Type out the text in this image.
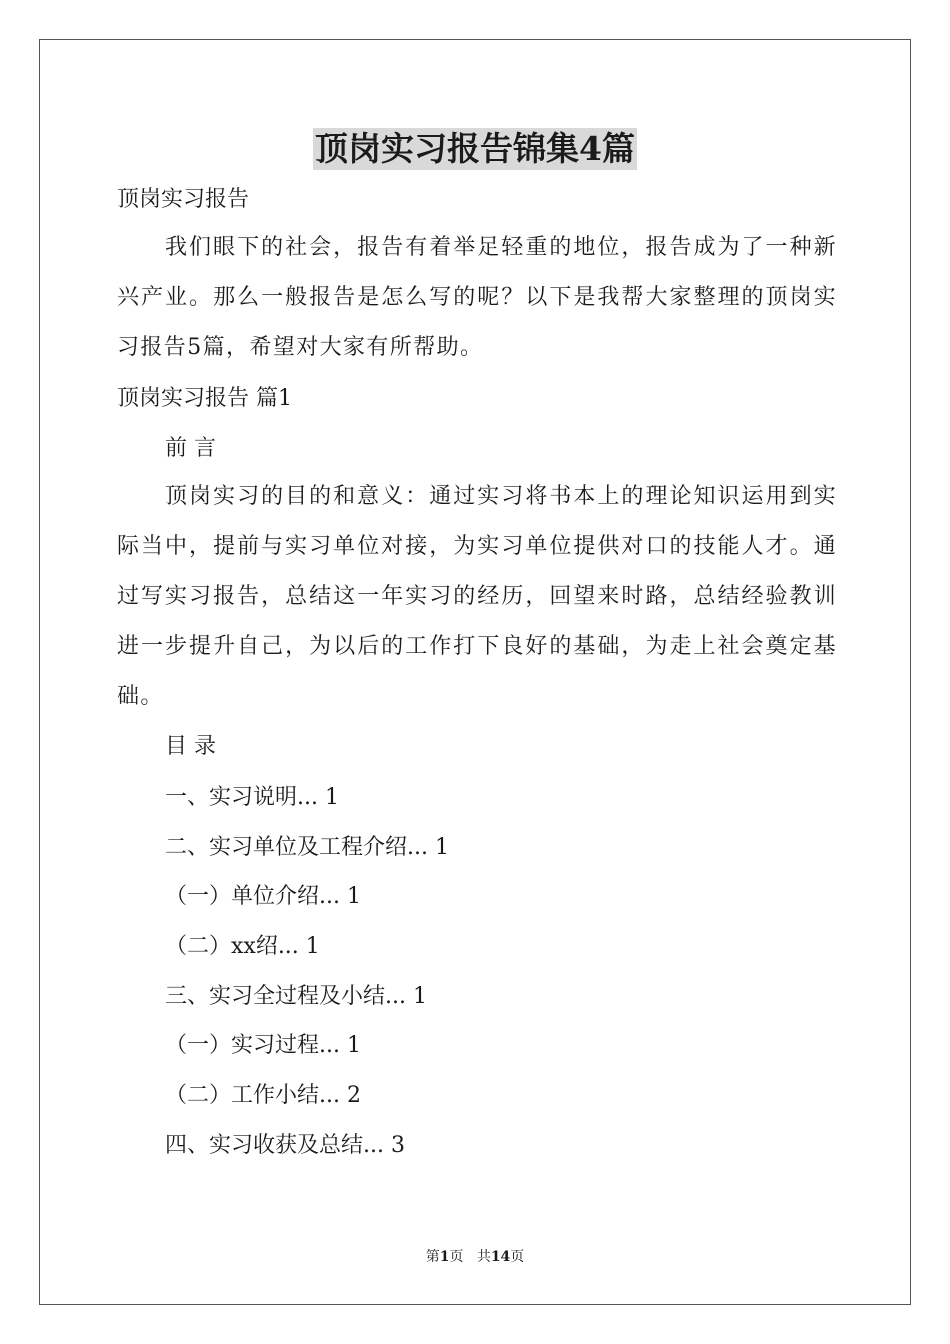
顶岗实习报告锦集4篇
顶岗实习报告
我们眼下的社会，报告有着举足轻重的地位，报告成为了一种新兴产业。那么一般报告是怎么写的呢？以下是我帮大家整理的顶岗实习报告5篇，希望对大家有所帮助。
顶岗实习报告 篇1
前 言
顶岗实习的目的和意义：通过实习将书本上的理论知识运用到实际当中，提前与实习单位对接，为实习单位提供对口的技能人才。通过写实习报告，总结这一年实习的经历，回望来时路，总结经验教训进一步提升自己，为以后的工作打下良好的基础，为走上社会奠定基础。
目 录
一、实习说明... 1
二、实习单位及工程介绍... 1
（一）单位介绍... 1
（二）xx绍... 1
三、实习全过程及小结... 1
（一）实习过程... 1
（二）工作小结... 2
四、实习收获及总结... 3
第1页 共14页
